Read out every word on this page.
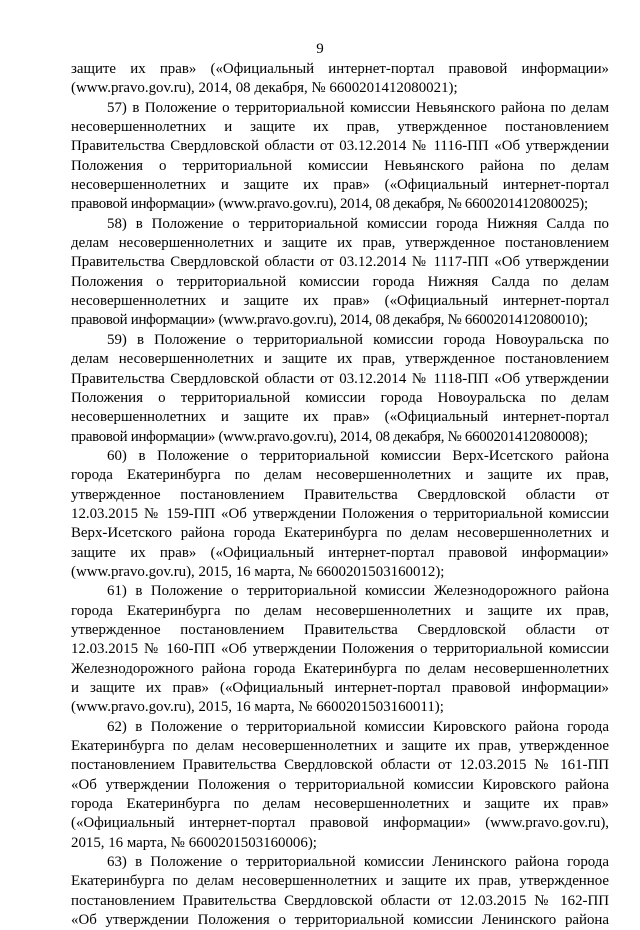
9
защите их прав» («Официальный интернет-портал правовой информации»
(www.pravo.gov.ru), 2014, 08 декабря, № 6600201412080021);
57) в Положение о территориальной комиссии Невьянского района по делам
несовершеннолетних и защите их прав, утвержденное постановлением
Правительства Свердловской области от 03.12.2014 № 1116-ПП «Об утверждении
Положения о территориальной комиссии Невьянского района по делам
несовершеннолетних и защите их прав» («Официальный интернет-портал
правовой информации» (www.pravo.gov.ru), 2014, 08 декабря, № 6600201412080025);
58) в Положение о территориальной комиссии города Нижняя Салда по
делам несовершеннолетних и защите их прав, утвержденное постановлением
Правительства Свердловской области от 03.12.2014 № 1117-ПП «Об утверждении
Положения о территориальной комиссии города Нижняя Салда по делам
несовершеннолетних и защите их прав» («Официальный интернет-портал
правовой информации» (www.pravo.gov.ru), 2014, 08 декабря, № 6600201412080010);
59) в Положение о территориальной комиссии города Новоуральска по
делам несовершеннолетних и защите их прав, утвержденное постановлением
Правительства Свердловской области от 03.12.2014 № 1118-ПП «Об утверждении
Положения о территориальной комиссии города Новоуральска по делам
несовершеннолетних и защите их прав» («Официальный интернет-портал
правовой информации» (www.pravo.gov.ru), 2014, 08 декабря, № 6600201412080008);
60) в Положение о территориальной комиссии Верх-Исетского района
города Екатеринбурга по делам несовершеннолетних и защите их прав,
утвержденное постановлением Правительства Свердловской области от
12.03.2015 № 159-ПП «Об утверждении Положения о территориальной комиссии
Верх-Исетского района города Екатеринбурга по делам несовершеннолетних и
защите их прав» («Официальный интернет-портал правовой информации»
(www.pravo.gov.ru), 2015, 16 марта, № 6600201503160012);
61) в Положение о территориальной комиссии Железнодорожного района
города Екатеринбурга по делам несовершеннолетних и защите их прав,
утвержденное постановлением Правительства Свердловской области от
12.03.2015 № 160-ПП «Об утверждении Положения о территориальной комиссии
Железнодорожного района города Екатеринбурга по делам несовершеннолетних
и защите их прав» («Официальный интернет-портал правовой информации»
(www.pravo.gov.ru), 2015, 16 марта, № 6600201503160011);
62) в Положение о территориальной комиссии Кировского района города
Екатеринбурга по делам несовершеннолетних и защите их прав, утвержденное
постановлением Правительства Свердловской области от 12.03.2015 № 161-ПП
«Об утверждении Положения о территориальной комиссии Кировского района
города Екатеринбурга по делам несовершеннолетних и защите их прав»
(«Официальный интернет-портал правовой информации» (www.pravo.gov.ru),
2015, 16 марта, № 6600201503160006);
63) в Положение о территориальной комиссии Ленинского района города
Екатеринбурга по делам несовершеннолетних и защите их прав, утвержденное
постановлением Правительства Свердловской области от 12.03.2015 № 162-ПП
«Об утверждении Положения о территориальной комиссии Ленинского района
